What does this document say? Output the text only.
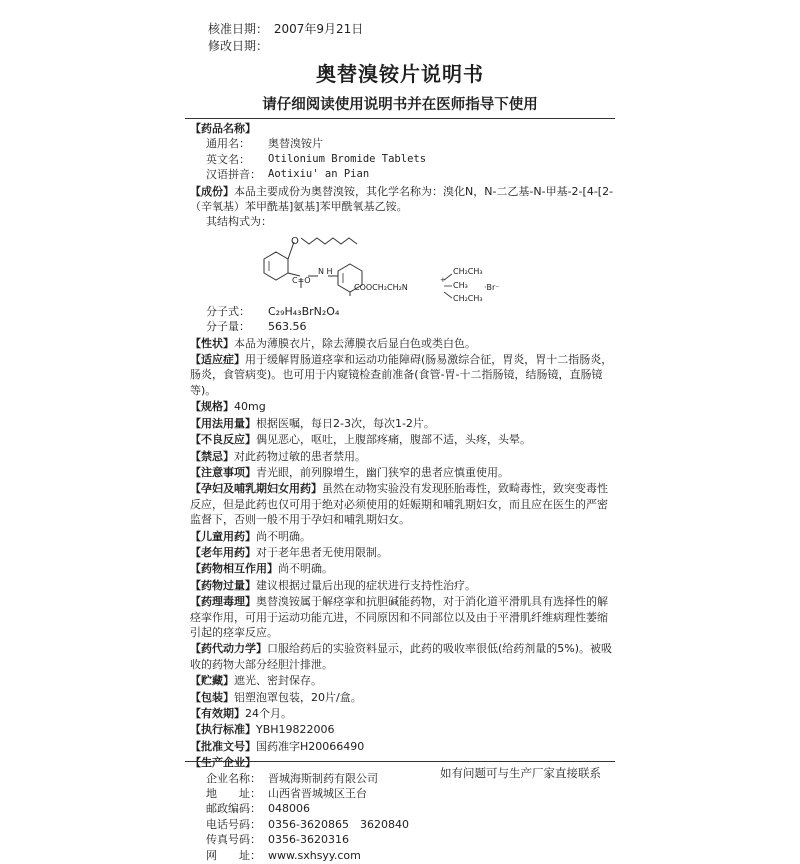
核准日期： 2007年9月21日
修改日期：
奥替溴铵片说明书
请仔细阅读使用说明书并在医师指导下使用
【药品名称】
通用名：	奥替溴铵片
英文名：	Otilonium Bromide Tablets
汉语拼音： Aotixiu' an Pian
【成份】本品主要成份为奥替溴铵，其化学名称为：溴化N，N-二乙基-N-甲基-2-[4-[2-（辛氧基）苯甲酰基]氨基]苯甲酰氧基乙铵。
其结构式为：
O
C=O
N H
COOCH₂CH₂N
+
CH₂CH₃
CH₃
CH₂CH₃
·Br⁻
分子式：	C₂₉H₄₃BrN₂O₄
分子量：	563.56
【性状】本品为薄膜衣片，除去薄膜衣后显白色或类白色。
【适应症】用于缓解胃肠道痉挛和运动功能障碍(肠易激综合征，胃炎，胃十二指肠炎，肠炎，食管病变)。也可用于内窥镜检查前准备(食管-胃-十二指肠镜，结肠镜，直肠镜等)。
【规格】40mg
【用法用量】根据医嘱，每日2-3次，每次1-2片。
【不良反应】偶见恶心，呕吐，上腹部疼痛，腹部不适，头疼，头晕。
【禁忌】对此药物过敏的患者禁用。
【注意事项】青光眼，前列腺增生，幽门狭窄的患者应慎重使用。
【孕妇及哺乳期妇女用药】虽然在动物实验没有发现胚胎毒性，致畸毒性，致突变毒性反应，但是此药也仅可用于绝对必须使用的妊娠期和哺乳期妇女，而且应在医生的严密监督下，否则一般不用于孕妇和哺乳期妇女。
【儿童用药】尚不明确。
【老年用药】对于老年患者无使用限制。
【药物相互作用】尚不明确。
【药物过量】建议根据过量后出现的症状进行支持性治疗。
【药理毒理】奥替溴铵属于解痉挛和抗胆碱能药物，对于消化道平滑肌具有选择性的解痉挛作用，可用于运动功能亢进，不同原因和不同部位以及由于平滑肌纤维病理性萎缩引起的痉挛反应。
【药代动力学】口服给药后的实验资料显示，此药的吸收率很低(给药剂量的5%)。被吸收的药物大部分经胆汁排泄。
【贮藏】遮光、密封保存。
【包装】铝塑泡罩包装，20片/盒。
【有效期】24个月。
【执行标准】YBH19822006
【批准文号】国药准字H20066490
【生产企业】
企业名称： 晋城海斯制药有限公司
地　　址： 山西省晋城城区王台
邮政编码： 048006
电话号码： 0356-3620865　3620840
传真号码： 0356-3620316
网　　址： www.sxhsyy.com
如有问题可与生产厂家直接联系
